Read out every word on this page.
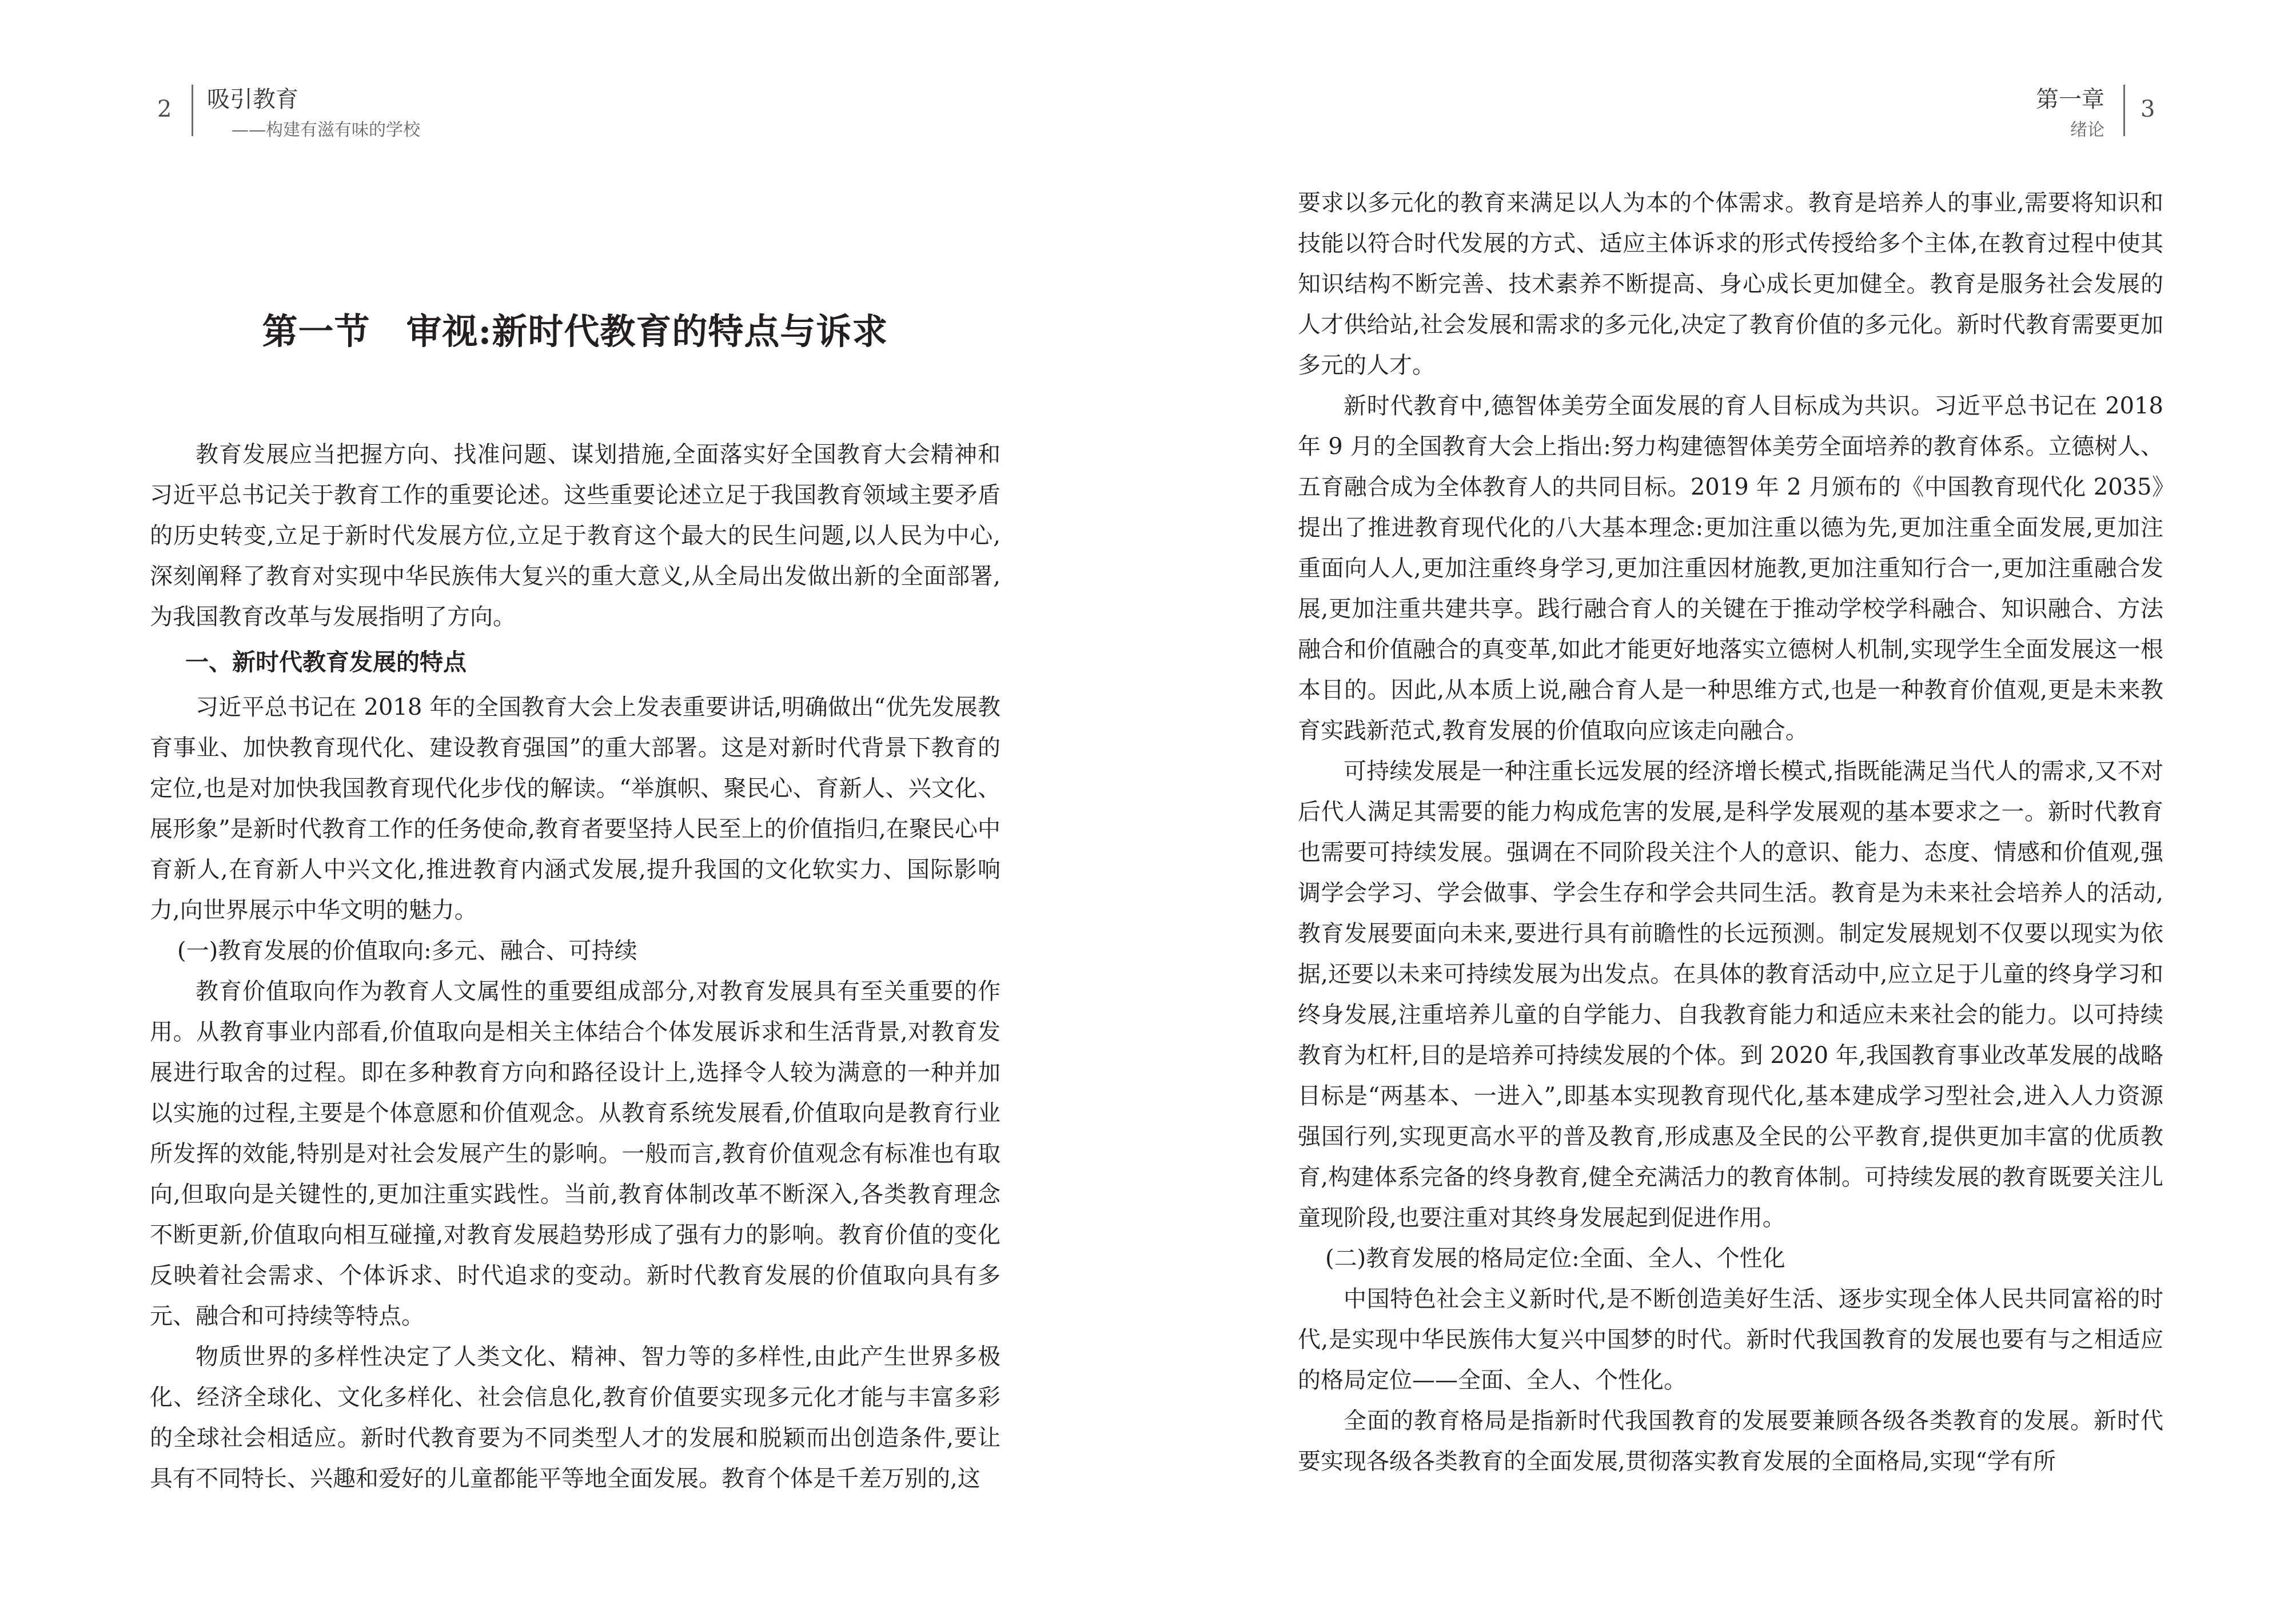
2 吸引教育
——构建有滋有味的学校
第一节　审视:新时代教育的特点与诉求

教育发展应当把握方向、找准问题、谋划措施,全面落实好全国教育大会精神和习近平总书记关于教育工作的重要论述。这些重要论述立足于我国教育领域主要矛盾的历史转变,立足于新时代发展方位,立足于教育这个最大的民生问题,以人民为中心,深刻阐释了教育对实现中华民族伟大复兴的重大意义,从全局出发做出新的全面部署,为我国教育改革与发展指明了方向。

一、新时代教育发展的特点

习近平总书记在 2018 年的全国教育大会上发表重要讲话,明确做出“优先发展教育事业、加快教育现代化、建设教育强国”的重大部署。这是对新时代背景下教育的定位,也是对加快我国教育现代化步伐的解读。“举旗帜、聚民心、育新人、兴文化、展形象”是新时代教育工作的任务使命,教育者要坚持人民至上的价值指归,在聚民心中育新人,在育新人中兴文化,推进教育内涵式发展,提升我国的文化软实力、国际影响力,向世界展示中华文明的魅力。

(一)教育发展的价值取向:多元、融合、可持续

教育价值取向作为教育人文属性的重要组成部分,对教育发展具有至关重要的作用。从教育事业内部看,价值取向是相关主体结合个体发展诉求和生活背景,对教育发展进行取舍的过程。即在多种教育方向和路径设计上,选择令人较为满意的一种并加以实施的过程,主要是个体意愿和价值观念。从教育系统发展看,价值取向是教育行业所发挥的效能,特别是对社会发展产生的影响。一般而言,教育价值观念有标准也有取向,但取向是关键性的,更加注重实践性。当前,教育体制改革不断深入,各类教育理念不断更新,价值取向相互碰撞,对教育发展趋势形成了强有力的影响。教育价值的变化反映着社会需求、个体诉求、时代追求的变动。新时代教育发展的价值取向具有多元、融合和可持续等特点。

物质世界的多样性决定了人类文化、精神、智力等的多样性,由此产生世界多极化、经济全球化、文化多样化、社会信息化,教育价值要实现多元化才能与丰富多彩的全球社会相适应。新时代教育要为不同类型人才的发展和脱颖而出创造条件,要让具有不同特长、兴趣和爱好的儿童都能平等地全面发展。教育个体是千差万别的,这

第一章
绪论
3

要求以多元化的教育来满足以人为本的个体需求。教育是培养人的事业,需要将知识和技能以符合时代发展的方式、适应主体诉求的形式传授给多个主体,在教育过程中使其知识结构不断完善、技术素养不断提高、身心成长更加健全。教育是服务社会发展的人才供给站,社会发展和需求的多元化,决定了教育价值的多元化。新时代教育需要更加多元的人才。

新时代教育中,德智体美劳全面发展的育人目标成为共识。习近平总书记在 2018 年 9 月的全国教育大会上指出:努力构建德智体美劳全面培养的教育体系。立德树人、五育融合成为全体教育人的共同目标。2019 年 2 月颁布的《中国教育现代化 2035》提出了推进教育现代化的八大基本理念:更加注重以德为先,更加注重全面发展,更加注重面向人人,更加注重终身学习,更加注重因材施教,更加注重知行合一,更加注重融合发展,更加注重共建共享。践行融合育人的关键在于推动学校学科融合、知识融合、方法融合和价值融合的真变革,如此才能更好地落实立德树人机制,实现学生全面发展这一根本目的。因此,从本质上说,融合育人是一种思维方式,也是一种教育价值观,更是未来教育实践新范式,教育发展的价值取向应该走向融合。

可持续发展是一种注重长远发展的经济增长模式,指既能满足当代人的需求,又不对后代人满足其需要的能力构成危害的发展,是科学发展观的基本要求之一。新时代教育也需要可持续发展。强调在不同阶段关注个人的意识、能力、态度、情感和价值观,强调学会学习、学会做事、学会生存和学会共同生活。教育是为未来社会培养人的活动,教育发展要面向未来,要进行具有前瞻性的长远预测。制定发展规划不仅要以现实为依据,还要以未来可持续发展为出发点。在具体的教育活动中,应立足于儿童的终身学习和终身发展,注重培养儿童的自学能力、自我教育能力和适应未来社会的能力。以可持续教育为杠杆,目的是培养可持续发展的个体。到 2020 年,我国教育事业改革发展的战略目标是“两基本、一进入”,即基本实现教育现代化,基本建成学习型社会,进入人力资源强国行列,实现更高水平的普及教育,形成惠及全民的公平教育,提供更加丰富的优质教育,构建体系完备的终身教育,健全充满活力的教育体制。可持续发展的教育既要关注儿童现阶段,也要注重对其终身发展起到促进作用。

(二)教育发展的格局定位:全面、全人、个性化

中国特色社会主义新时代,是不断创造美好生活、逐步实现全体人民共同富裕的时代,是实现中华民族伟大复兴中国梦的时代。新时代我国教育的发展也要有与之相适应的格局定位——全面、全人、个性化。

全面的教育格局是指新时代我国教育的发展要兼顾各级各类教育的发展。新时代要实现各级各类教育的全面发展,贯彻落实教育发展的全面格局,实现“学有所
